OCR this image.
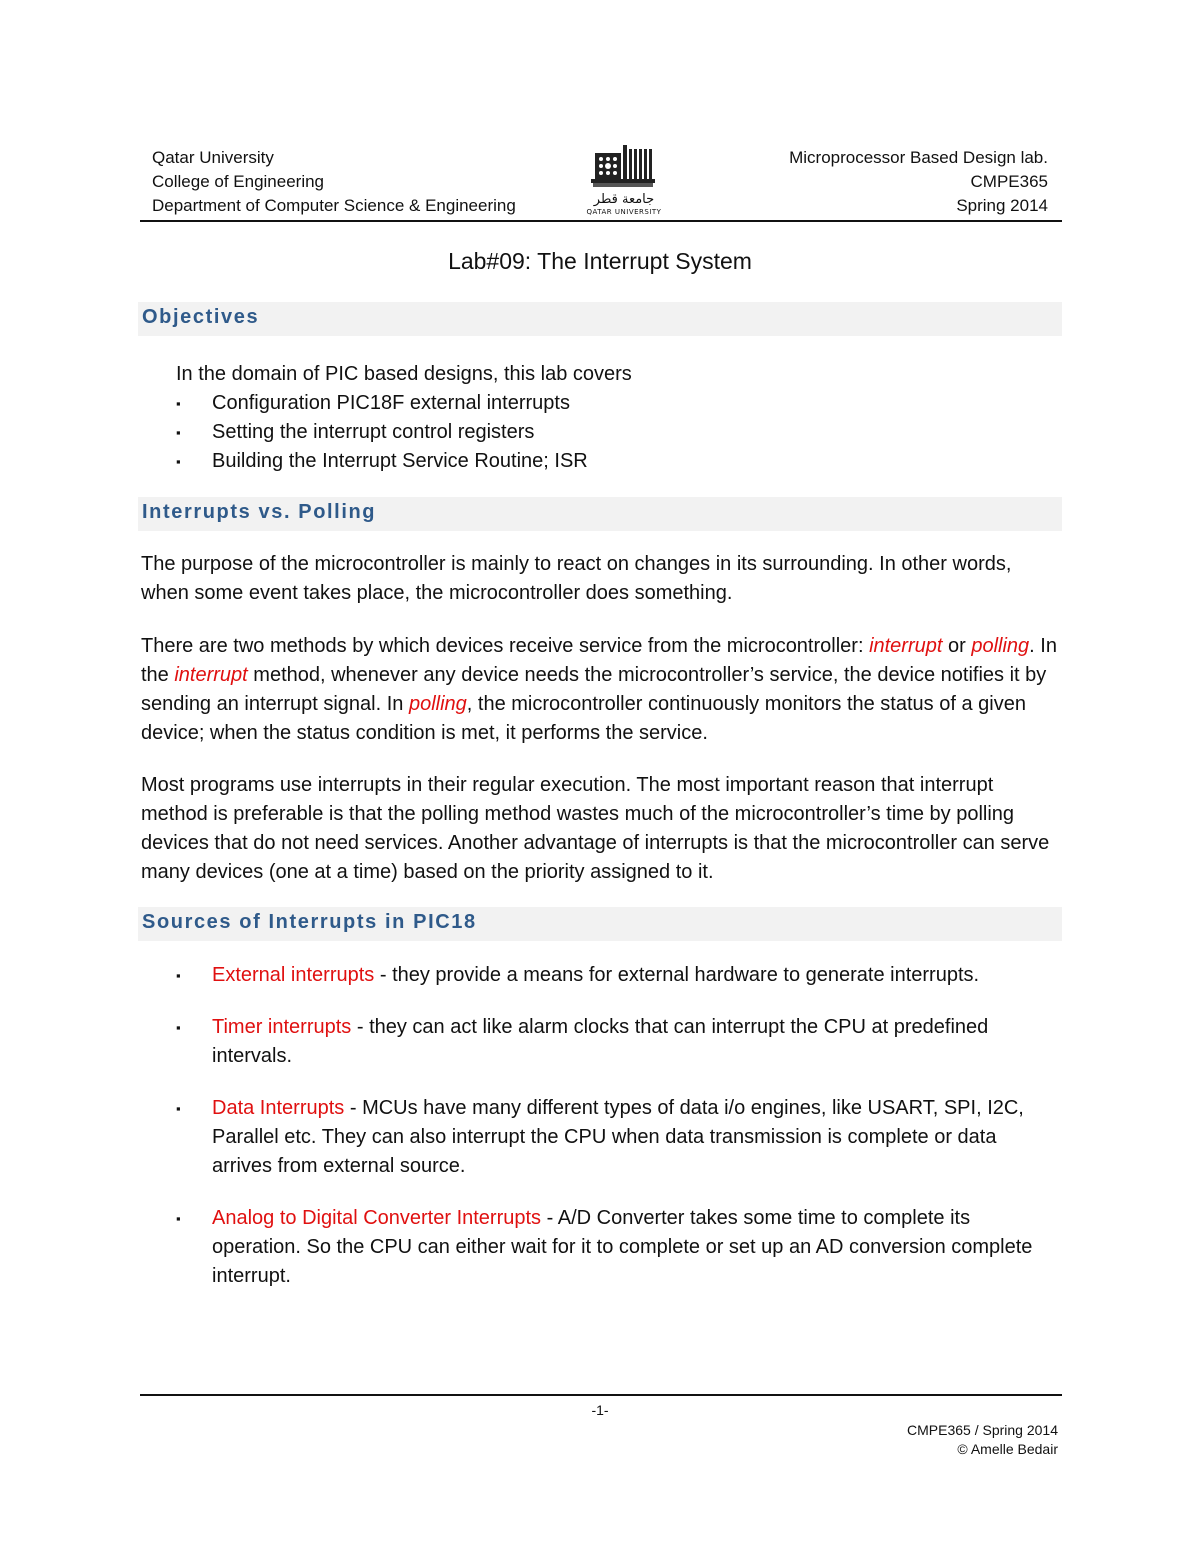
Qatar University
College of Engineering
Department of Computer Science & Engineering	جامعة قطر
QATAR UNIVERSITY
Microprocessor Based Design lab.
CMPE365
Spring 2014
Lab#09: The Interrupt System
Objectives
In the domain of PIC based designs, this lab covers
▪ Configuration PIC18F external interrupts
▪ Setting the interrupt control registers
▪ Building the Interrupt Service Routine; ISR
Interrupts vs. Polling
The purpose of the microcontroller is mainly to react on changes in its surrounding. In other words, when some event takes place, the microcontroller does something.
There are two methods by which devices receive service from the microcontroller: interrupt or polling. In the interrupt method, whenever any device needs the microcontroller’s service, the device notifies it by sending an interrupt signal. In polling, the microcontroller continuously monitors the status of a given device; when the status condition is met, it performs the service.
Most programs use interrupts in their regular execution. The most important reason that interrupt method is preferable is that the polling method wastes much of the microcontroller’s time by polling devices that do not need services. Another advantage of interrupts is that the microcontroller can serve many devices (one at a time) based on the priority assigned to it.
Sources of Interrupts in PIC18
▪ External interrupts - they provide a means for external hardware to generate interrupts.
▪ Timer interrupts - they can act like alarm clocks that can interrupt the CPU at predefined intervals.
▪ Data Interrupts - MCUs have many different types of data i/o engines, like USART, SPI, I2C, Parallel etc. They can also interrupt the CPU when data transmission is complete or data arrives from external source.
▪ Analog to Digital Converter Interrupts - A/D Converter takes some time to complete its operation. So the CPU can either wait for it to complete or set up an AD conversion complete interrupt.
-1-
CMPE365 / Spring 2014
© Amelle Bedair
